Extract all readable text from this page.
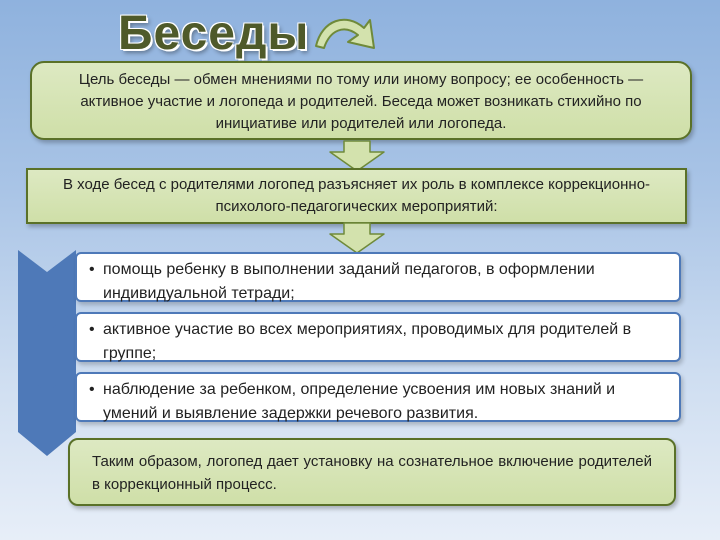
Беседы
Цель беседы — обмен мнениями по тому или иному вопросу; ее особенность — активное участие и логопеда и родителей. Беседа может возникать стихийно по инициативе или родителей или логопеда.
В ходе бесед с родителями логопед разъясняет их роль в комплексе коррекционно-психолого-педагогических мероприятий:
• помощь ребенку в выполнении заданий педагогов, в оформлении индивидуальной тетради;
• активное участие во всех мероприятиях, проводимых для родителей в группе;
• наблюдение за ребенком, определение усвоения им новых знаний и умений и выявление задержки речевого развития.
Таким образом, логопед дает установку на сознательное включение родителей в коррекционный процесс.
